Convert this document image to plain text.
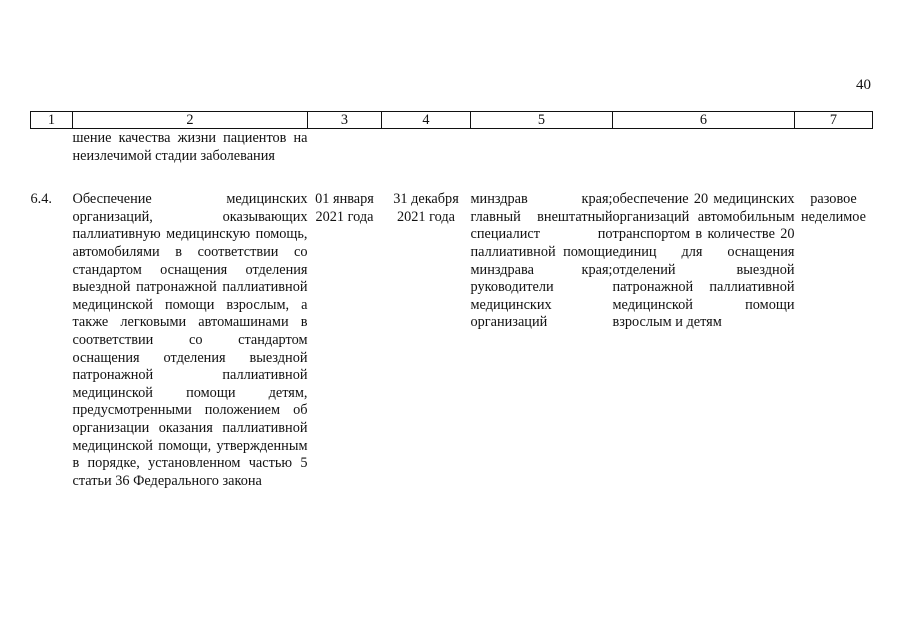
40
1	2	3	4	5	6	7
	шение качества жизни пациентов на неизлечимой стадии заболевания					
6.4.	Обеспечение медицинских организаций, оказывающих паллиативную медицинскую помощь, автомобилями в соответствии со стандартом оснащения отделения выездной патронажной паллиативной медицинской помощи взрослым, а также легковыми автомашинами в соответствии со стандартом оснащения отделения выездной патронажной паллиативной медицинской помощи детям, предусмотренными положением об организации оказания паллиативной медицинской помощи, утвержденным в порядке, установленном частью 5 статьи 36 Федерального закона	01 января 2021 года	31 декабря 2021 года	минздрав края; главный внештатный специалист по паллиативной помощи минздрава края; руководители медицинских организаций	обеспечение 20 медицинских организаций автомобильным транспортом в количестве 20 единиц для оснащения отделений выездной патронажной паллиативной медицинской помощи взрослым и детям	разовое неделимое
